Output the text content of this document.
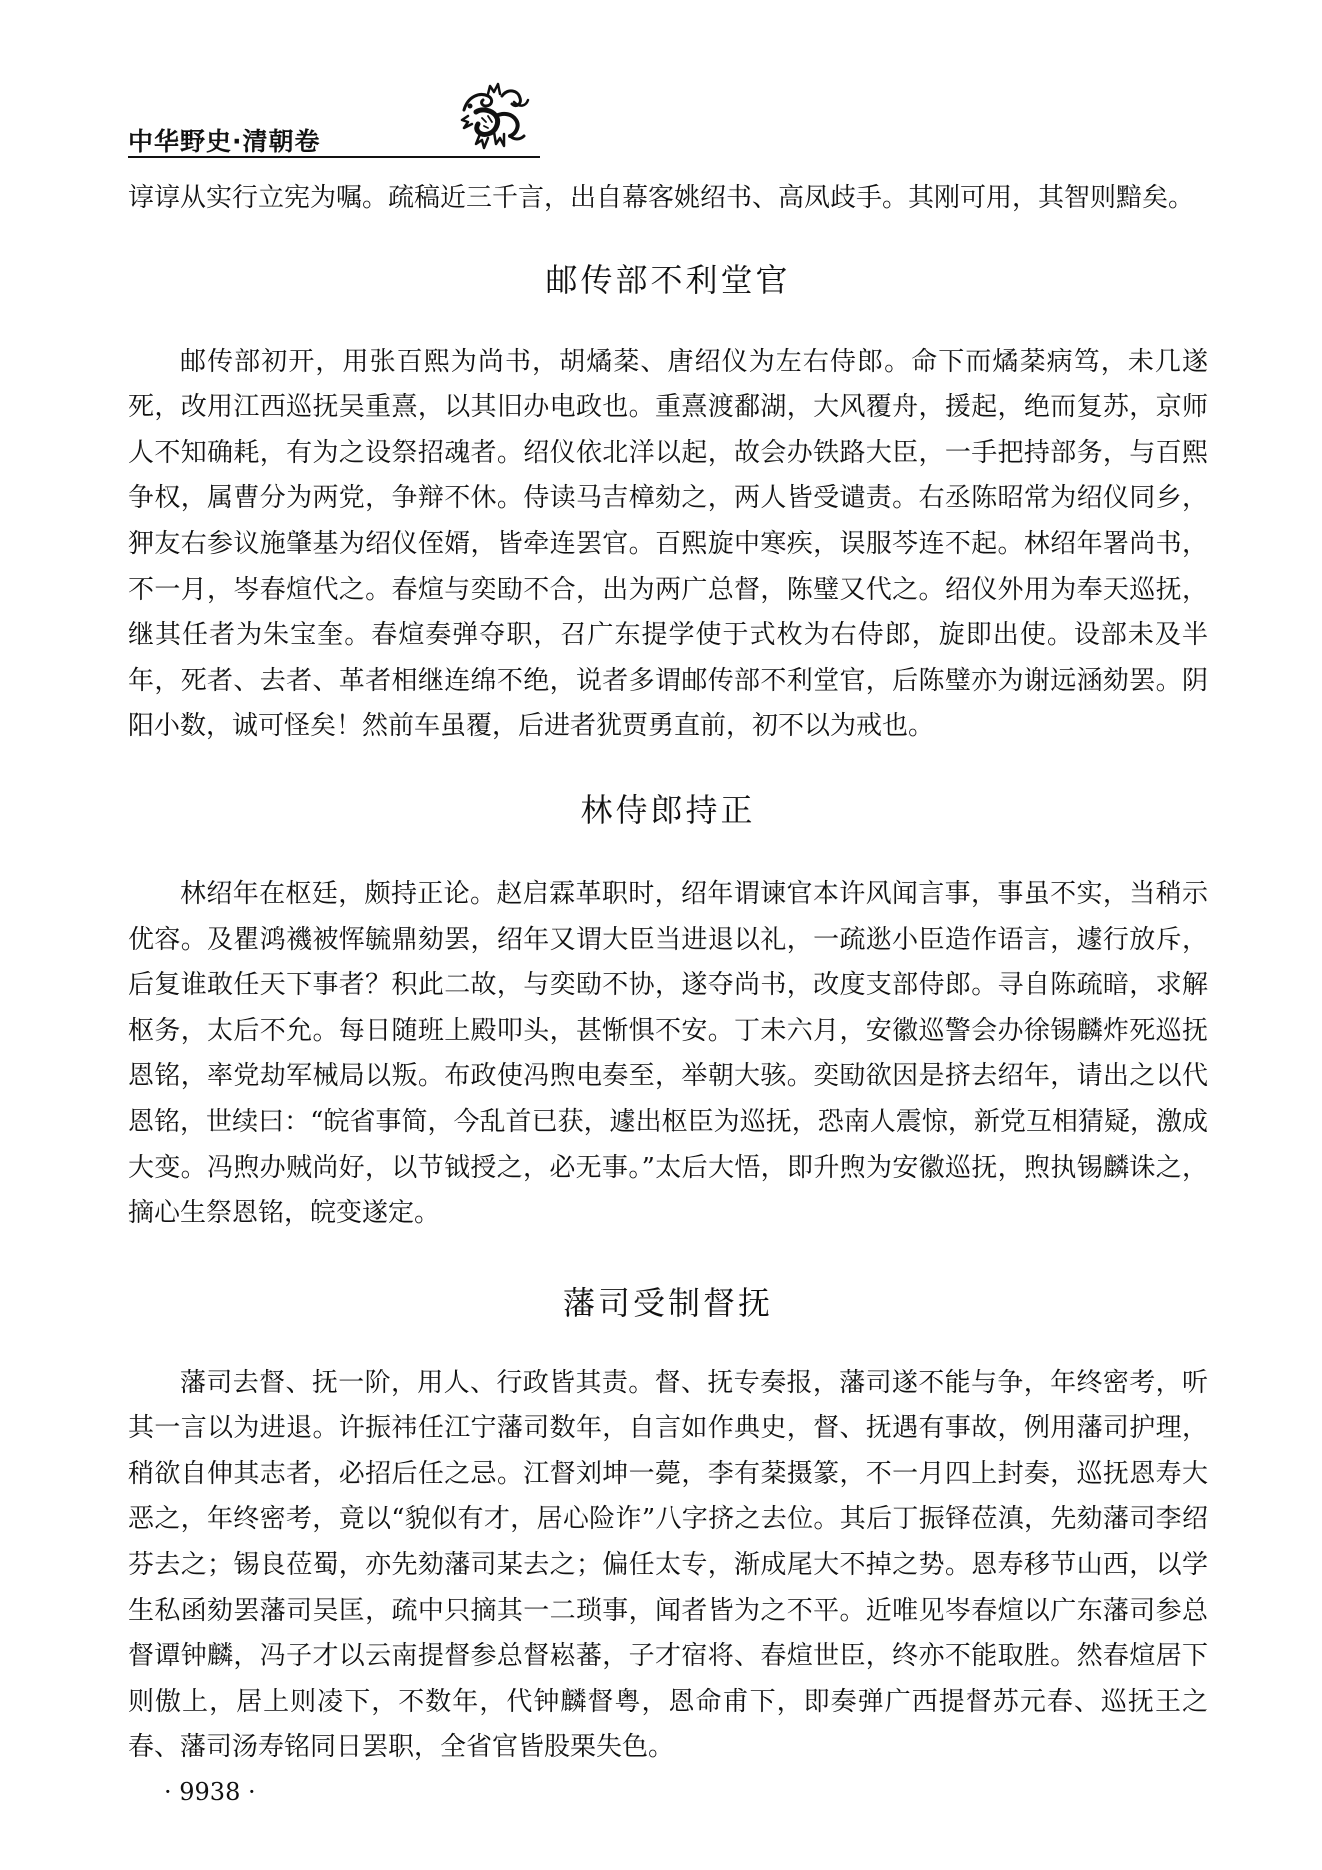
中华野史·清朝卷

谆谆从实行立宪为嘱。疏稿近三千言，出自幕客姚绍书、高凤歧手。其刚可用，其智则黯矣。

邮传部不利堂官

邮传部初开，用张百熙为尚书，胡燏棻、唐绍仪为左右侍郎。命下而燏棻病笃，未几遂死，改用江西巡抚吴重熹，以其旧办电政也。重熹渡鄱湖，大风覆舟，援起，绝而复苏，京师人不知确耗，有为之设祭招魂者。绍仪依北洋以起，故会办铁路大臣，一手把持部务，与百熙争权，属曹分为两党，争辩不休。侍读马吉樟劾之，两人皆受谴责。右丞陈昭常为绍仪同乡，狎友右参议施肇基为绍仪侄婿，皆牵连罢官。百熙旋中寒疾，误服芩连不起。林绍年署尚书，不一月，岑春煊代之。春煊与奕劻不合，出为两广总督，陈璧又代之。绍仪外用为奉天巡抚，继其任者为朱宝奎。春煊奏弹夺职，召广东提学使于式枚为右侍郎，旋即出使。设部未及半年，死者、去者、革者相继连绵不绝，说者多谓邮传部不利堂官，后陈璧亦为谢远涵劾罢。阴阳小数，诚可怪矣！然前车虽覆，后进者犹贾勇直前，初不以为戒也。

林侍郎持正

林绍年在枢廷，颇持正论。赵启霖革职时，绍年谓谏官本许风闻言事，事虽不实，当稍示优容。及瞿鸿禨被恽毓鼎劾罢，绍年又谓大臣当进退以礼，一疏逖小臣造作语言，遽行放斥，后复谁敢任天下事者？积此二故，与奕劻不协，遂夺尚书，改度支部侍郎。寻自陈疏暗，求解枢务，太后不允。每日随班上殿叩头，甚惭惧不安。丁未六月，安徽巡警会办徐锡麟炸死巡抚恩铭，率党劫军械局以叛。布政使冯煦电奏至，举朝大骇。奕劻欲因是挤去绍年，请出之以代恩铭，世续曰：“皖省事简，今乱首已获，遽出枢臣为巡抚，恐南人震惊，新党互相猜疑，激成大变。冯煦办贼尚好，以节钺授之，必无事。”太后大悟，即升煦为安徽巡抚，煦执锡麟诛之，摘心生祭恩铭，皖变遂定。

藩司受制督抚

藩司去督、抚一阶，用人、行政皆其责。督、抚专奏报，藩司遂不能与争，年终密考，听其一言以为进退。许振祎任江宁藩司数年，自言如作典史，督、抚遇有事故，例用藩司护理，稍欲自伸其志者，必招后任之忌。江督刘坤一薨，李有棻摄篆，不一月四上封奏，巡抚恩寿大恶之，年终密考，竟以“貌似有才，居心险诈”八字挤之去位。其后丁振铎莅滇，先劾藩司李绍芬去之；锡良莅蜀，亦先劾藩司某去之；偏任太专，渐成尾大不掉之势。恩寿移节山西，以学生私函劾罢藩司吴匡，疏中只摘其一二琐事，闻者皆为之不平。近唯见岑春煊以广东藩司参总督谭钟麟，冯子才以云南提督参总督崧蕃，子才宿将、春煊世臣，终亦不能取胜。然春煊居下则傲上，居上则凌下，不数年，代钟麟督粤，恩命甫下，即奏弹广西提督苏元春、巡抚王之春、藩司汤寿铭同日罢职，全省官皆股栗失色。

· 9938 ·
